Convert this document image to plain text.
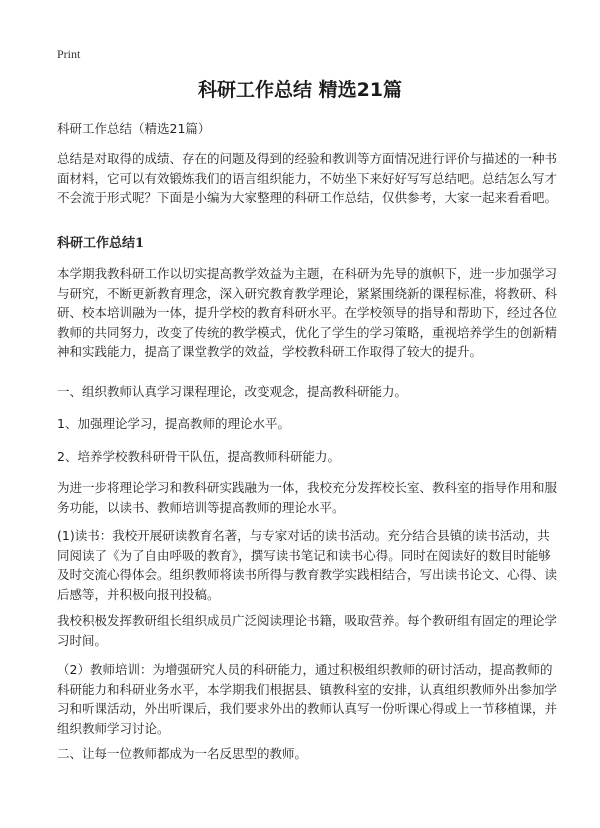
Print
科研工作总结 精选21篇

科研工作总结（精选21篇）

总结是对取得的成绩、存在的问题及得到的经验和教训等方面情况进行评价与描述的一种书面材料，它可以有效锻炼我们的语言组织能力，不妨坐下来好好写写总结吧。总结怎么写才不会流于形式呢？下面是小编为大家整理的科研工作总结，仅供参考，大家一起来看看吧。

科研工作总结1

本学期我教科研工作以切实提高教学效益为主题，在科研为先导的旗帜下，进一步加强学习与研究，不断更新教育理念，深入研究教育教学理论，紧紧围绕新的课程标准，将教研、科研、校本培训融为一体，提升学校的教育科研水平。在学校领导的指导和帮助下，经过各位教师的共同努力，改变了传统的教学模式，优化了学生的学习策略，重视培养学生的创新精神和实践能力，提高了课堂教学的效益，学校教科研工作取得了较大的提升。

一、组织教师认真学习课程理论，改变观念，提高教科研能力。

1、加强理论学习，提高教师的理论水平。

2、培养学校教科研骨干队伍，提高教师科研能力。

为进一步将理论学习和教科研实践融为一体，我校充分发挥校长室、教科室的指导作用和服务功能，以读书、教师培训等提高教师的理论水平。

(1)读书：我校开展研读教育名著，与专家对话的读书活动。充分结合县镇的读书活动，共同阅读了《为了自由呼吸的教育》，撰写读书笔记和读书心得。同时在阅读好的数目时能够及时交流心得体会。组织教师将读书所得与教育教学实践相结合，写出读书论文、心得、读后感等，并积极向报刊投稿。

我校积极发挥教研组长组织成员广泛阅读理论书籍，吸取营养。每个教研组有固定的理论学习时间。

（2）教师培训：为增强研究人员的科研能力，通过积极组织教师的研讨活动，提高教师的科研能力和科研业务水平，本学期我们根据县、镇教科室的安排，认真组织教师外出参加学习和听课活动，外出听课后，我们要求外出的教师认真写一份听课心得或上一节移植课，并组织教师学习讨论。

二、让每一位教师都成为一名反思型的教师。
